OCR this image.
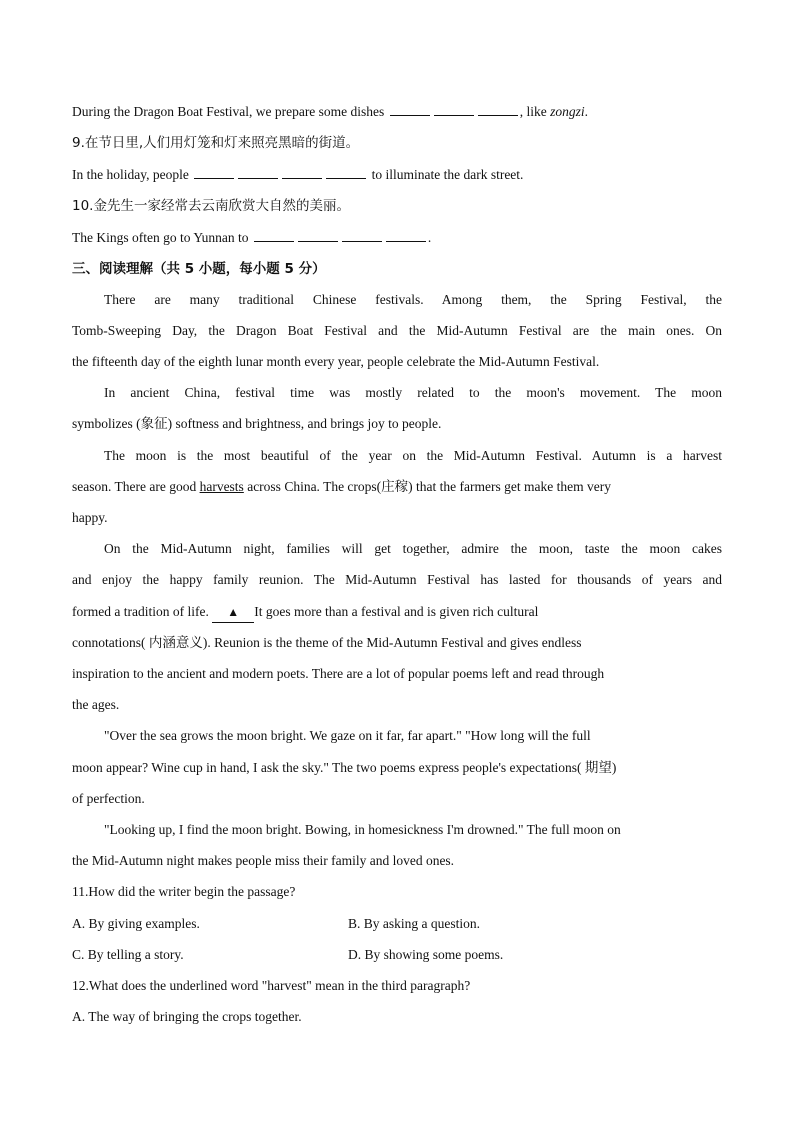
During the Dragon Boat Festival, we prepare some dishes	, like zongzi.
9.在节日里,人们用灯笼和灯来照亮黑暗的街道。
In the holiday, people	to illuminate the dark street.
10.金先生一家经常去云南欣赏大自然的美丽。
The Kings often go to Yunnan to	.
三、阅读理解（共 5 小题，每小题 5 分）
There are many traditional Chinese festivals. Among them, the Spring Festival, the
Tomb-Sweeping Day, the Dragon Boat Festival and the Mid-Autumn Festival are the main ones. On
the fifteenth day of the eighth lunar month every year, people celebrate the Mid-Autumn Festival.
In ancient China, festival time was mostly related to the moon's movement. The moon
symbolizes (象征) softness and brightness, and brings joy to people.
The moon is the most beautiful of the year on the Mid-Autumn Festival. Autumn is a harvest
season. There are good harvests across China. The crops(庄稼) that the farmers get make them very
happy.
On the Mid-Autumn night, families will get together, admire the moon, taste the moon cakes
and enjoy the happy family reunion. The Mid-Autumn Festival has lasted for thousands of years and
formed a tradition of life. ▲ It goes more than a festival and is given rich cultural
connotations( 内涵意义). Reunion is the theme of the Mid-Autumn Festival and gives endless
inspiration to the ancient and modern poets. There are a lot of popular poems left and read through
the ages.
"Over the sea grows the moon bright. We gaze on it far, far apart." "How long will the full
moon appear? Wine cup in hand, I ask the sky." The two poems express people's expectations( 期望)
of perfection.
"Looking up, I find the moon bright. Bowing, in homesickness I'm drowned." The full moon on
the Mid-Autumn night makes people miss their family and loved ones.
11.How did the writer begin the passage?
A. By giving examples.	B. By asking a question.
C. By telling a story.	D. By showing some poems.
12.What does the underlined word "harvest" mean in the third paragraph?
A. The way of bringing the crops together.
